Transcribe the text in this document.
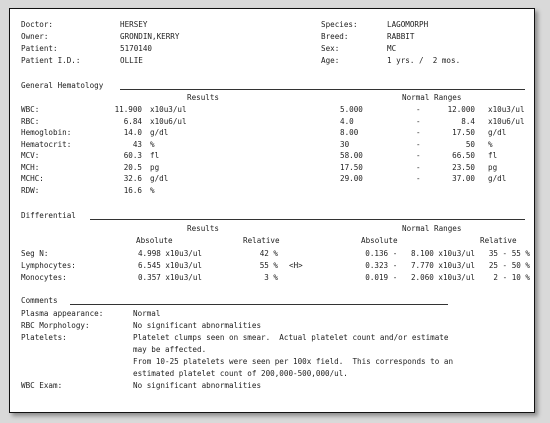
Doctor:	HERSEY
Owner:	GRONDIN,KERRY
Patient:	5170140
Patient I.D.:	OLLIE
Species:	LAGOMORPH
Breed:	RABBIT
Sex:	MC
Age:	1 yrs. /  2 mos.
General Hematology
Results	Normal Ranges
WBC:	11.900 x10u3/ul	5.000	-	12.000 x10u3/ul
RBC:	6.84 x10u6/ul	4.0	-	8.4 x10u6/ul
Hemoglobin:	14.0 g/dl	8.00	-	17.50 g/dl
Hematocrit:	43 %	30	-	50 %
MCV:	60.3 fl	58.00	-	66.50 fl
MCH:	20.5 pg	17.50	-	23.50 pg
MCHC:	32.6 g/dl	29.00	-	37.00 g/dl
RDW:	16.6 %
Differential
Results	Normal Ranges
Absolute	Relative	Absolute	Relative
Seg N:	4.998 x10u3/ul	42 %	0.136 -   8.100 x10u3/ul	35 - 55 %
Lymphocytes:	6.545 x10u3/ul	55 % <H>	0.323 -   7.770 x10u3/ul	25 - 50 %
Monocytes:	0.357 x10u3/ul	3 %	0.019 -   2.060 x10u3/ul	2 - 10 %
Comments
Plasma appearance:	Normal
RBC Morphology:	No significant abnormalities
Platelets:	Platelet clumps seen on smear.  Actual platelet count and/or estimate
may be affected.
From 10-25 platelets were seen per 100x field.  This corresponds to an
estimated platelet count of 200,000-500,000/ul.
WBC Exam:	No significant abnormalities
